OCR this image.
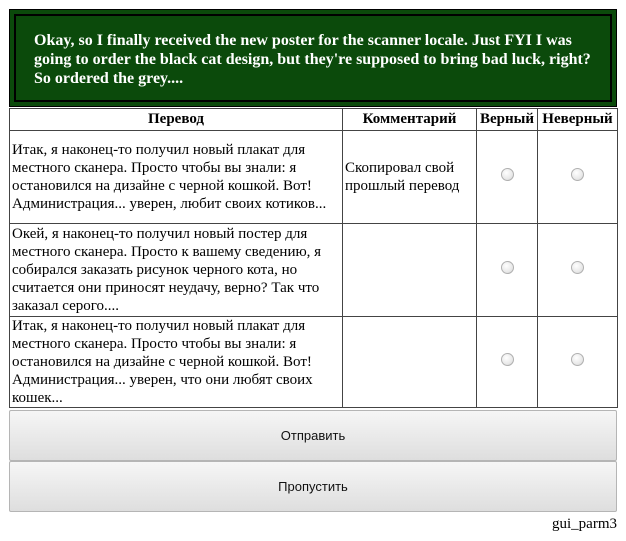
Okay, so I finally received the new poster for the scanner locale. Just FYI I was going to order the black cat design, but they're supposed to bring bad luck, right? So ordered the grey....

Перевод	Комментарий	Верный	Неверный
Итак, я наконец-то получил новый плакат для местного сканера. Просто чтобы вы знали: я остановился на дизайне с черной кошкой. Вот! Администрация... уверен, любит своих котиков...	Скопировал свой прошлый перевод		
Окей, я наконец-то получил новый постер для местного сканера. Просто к вашему сведению, я собирался заказать рисунок черного кота, но считается они приносят неудачу, верно? Так что заказал серого....			
Итак, я наконец-то получил новый плакат для местного сканера. Просто чтобы вы знали: я остановился на дизайне с черной кошкой. Вот! Администрация... уверен, что они любят своих кошек...			
Отправить
Пропустить
gui_parm3
